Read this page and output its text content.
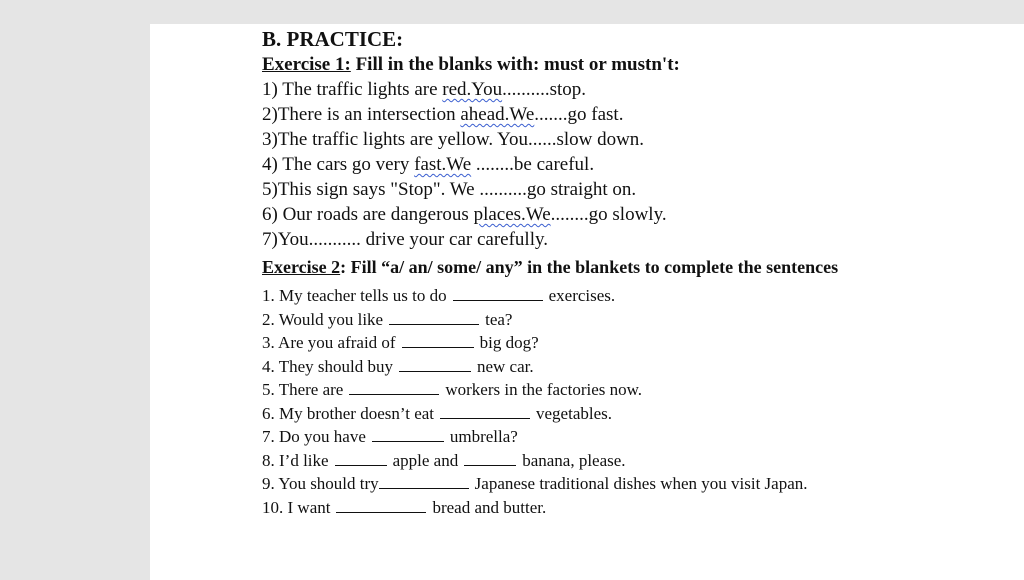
B. PRACTICE:
Exercise 1: Fill in the blanks with: must or mustn't:
1) The traffic lights are red.You..........stop.
2)There is an intersection ahead.We.......go fast.
3)The traffic lights are yellow. You......slow down.
4) The cars go very fast.We ........be careful.
5)This sign says "Stop". We ..........go straight on.
6) Our roads are dangerous places.We........go slowly.
7)You........... drive your car carefully.
Exercise 2: Fill “a/ an/ some/ any” in the blankets to complete the sentences
1. My teacher tells us to do	exercises.
2. Would you like	tea?
3. Are you afraid of	big dog?
4. They should buy	new car.
5. There are	workers in the factories now.
6. My brother doesn’t eat	vegetables.
7. Do you have	umbrella?
8. I’d like	apple and	banana, please.
9. You should try	Japanese traditional dishes when you visit Japan.
10. I want	bread and butter.
